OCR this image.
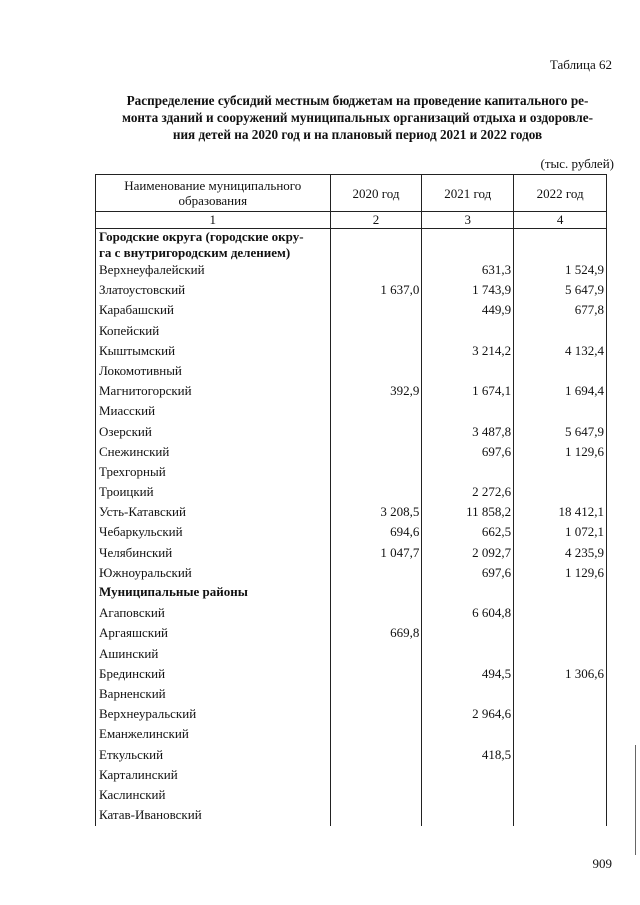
Таблица 62
Распределение субсидий местным бюджетам на проведение капитального ре-
монта зданий и сооружений муниципальных организаций отдыха и оздоровле-
ния детей на 2020 год и на плановый период 2021 и 2022 годов
(тыс. рублей)
Наименование муниципального
образования	2020 год	2021 год	2022 год
1	2	3	4

Городские округа (городские окру-
га с внутригородским делением)			

Верхнеуфалейский		631,3	1 524,9

Златоустовский	1 637,0	1 743,9	5 647,9

Карабашский		449,9	677,8

Копейский			

Кыштымский		3 214,2	4 132,4

Локомотивный			

Магнитогорский	392,9	1 674,1	1 694,4

Миасский			

Озерский		3 487,8	5 647,9

Снежинский		697,6	1 129,6

Трехгорный			

Троицкий		2 272,6	

Усть-Катавский	3 208,5	11 858,2	18 412,1

Чебаркульский	694,6	662,5	1 072,1

Челябинский	1 047,7	2 092,7	4 235,9

Южноуральский		697,6	1 129,6

Муниципальные районы			

Агаповский		6 604,8	

Аргаяшский	669,8		

Ашинский			

Брединский		494,5	1 306,6

Варненский			

Верхнеуральский		2 964,6	

Еманжелинский			

Еткульский		418,5	

Карталинский			

Каслинский			

Катав-Ивановский			

909
